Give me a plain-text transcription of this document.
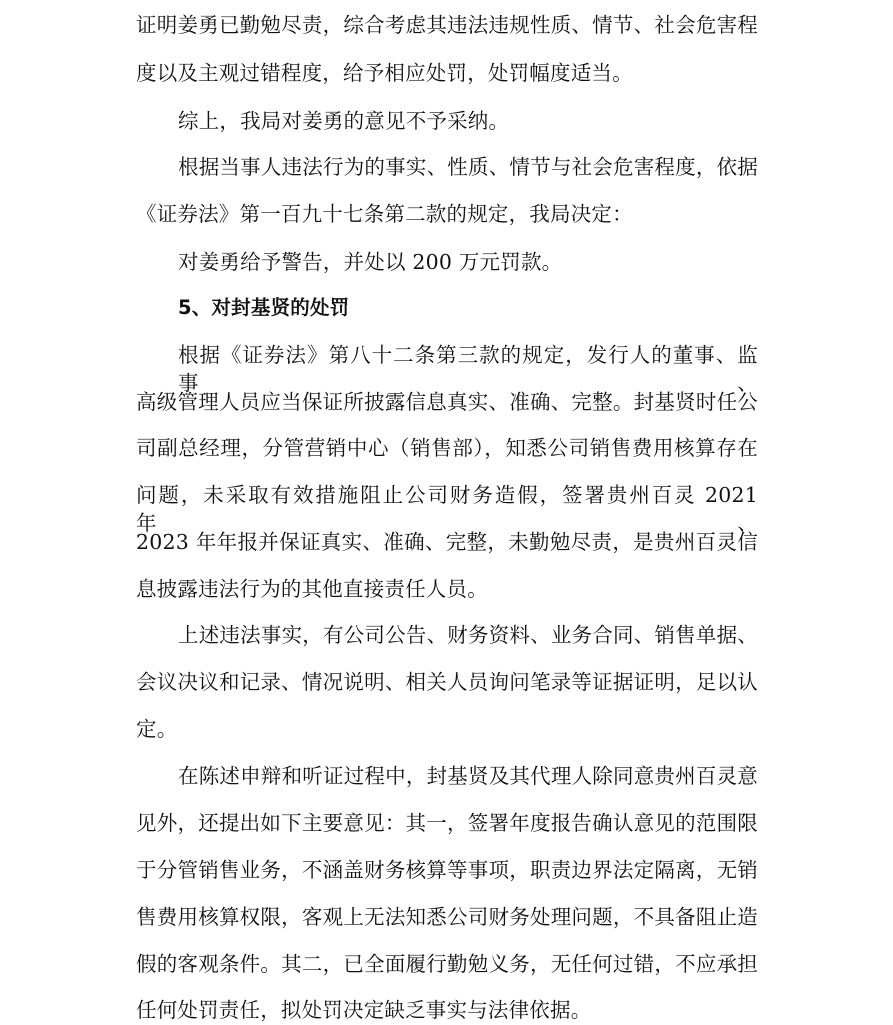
证明姜勇已勤勉尽责，综合考虑其违法违规性质、情节、社会危害程
度以及主观过错程度，给予相应处罚，处罚幅度适当。
综上，我局对姜勇的意见不予采纳。
根据当事人违法行为的事实、性质、情节与社会危害程度，依据
《证券法》第一百九十七条第二款的规定，我局决定：
对姜勇给予警告，并处以 200 万元罚款。
5、对封基贤的处罚
根据《证券法》第八十二条第三款的规定，发行人的董事、监事、
高级管理人员应当保证所披露信息真实、准确、完整。封基贤时任公
司副总经理，分管营销中心（销售部），知悉公司销售费用核算存在
问题，未采取有效措施阻止公司财务造假，签署贵州百灵 2021 年、
2023 年年报并保证真实、准确、完整，未勤勉尽责，是贵州百灵信
息披露违法行为的其他直接责任人员。
上述违法事实，有公司公告、财务资料、业务合同、销售单据、
会议决议和记录、情况说明、相关人员询问笔录等证据证明，足以认
定。
在陈述申辩和听证过程中，封基贤及其代理人除同意贵州百灵意
见外，还提出如下主要意见：其一，签署年度报告确认意见的范围限
于分管销售业务，不涵盖财务核算等事项，职责边界法定隔离，无销
售费用核算权限，客观上无法知悉公司财务处理问题，不具备阻止造
假的客观条件。其二，已全面履行勤勉义务，无任何过错，不应承担
任何处罚责任，拟处罚决定缺乏事实与法律依据。
